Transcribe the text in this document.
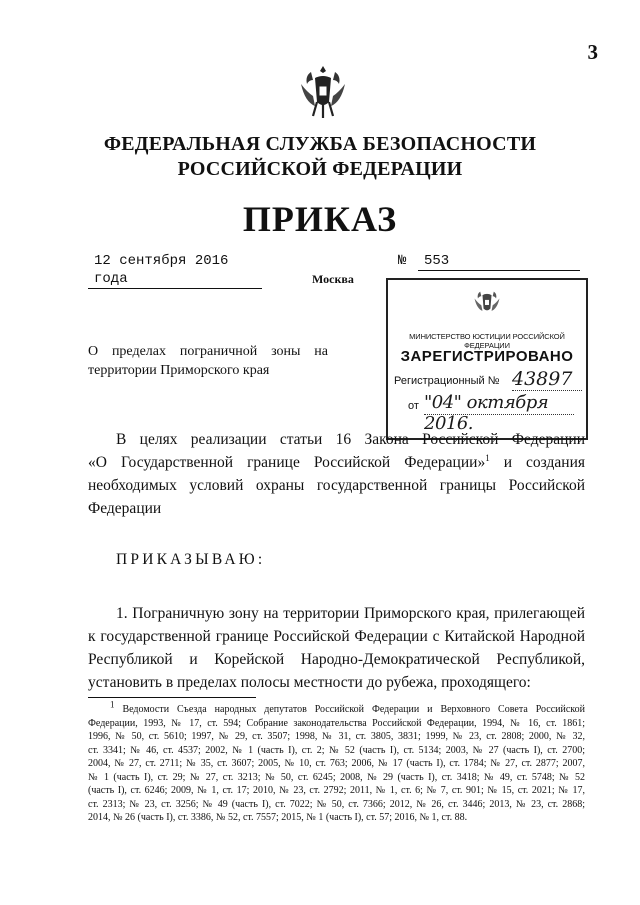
3
ФЕДЕРАЛЬНАЯ СЛУЖБА БЕЗОПАСНОСТИ
РОССИЙСКОЙ ФЕДЕРАЦИИ
ПРИКАЗ
12 сентября 2016 года
№	553
Москва
О пределах пограничной зоны на
территории Приморского края
МИНИСТЕРСТВО ЮСТИЦИИ РОССИЙСКОЙ ФЕДЕРАЦИИ
ЗАРЕГИСТРИРОВАНО
Регистрационный № 43897
от "04" октября 2016.
В целях реализации статьи 16 Закона Российской Федерации
«О Государственной границе Российской Федерации»$^1$ и создания
необходимых условий охраны государственной границы Российской
Федерации
ПРИКАЗЫВАЮ:
1. Пограничную зону на территории Приморского края, прилегающей
к государственной границе Российской Федерации с Китайской Народной
Республикой и Корейской Народно-Демократической Республикой,
установить в пределах полосы местности до рубежа, проходящего:
$^1$ Ведомости Съезда народных депутатов Российской Федерации и Верховного Совета Российской
Федерации, 1993, № 17, ст. 594; Собрание законодательства Российской Федерации, 1994, № 16, ст. 1861;
1996, № 50, ст. 5610; 1997, № 29, ст. 3507; 1998, № 31, ст. 3805, 3831; 1999, № 23, ст. 2808; 2000, № 32,
ст. 3341; № 46, ст. 4537; 2002, № 1 (часть I), ст. 2; № 52 (часть I), ст. 5134; 2003, № 27 (часть I), ст. 2700;
2004, № 27, ст. 2711; № 35, ст. 3607; 2005, № 10, ст. 763; 2006, № 17 (часть I), ст. 1784; № 27, ст. 2877; 2007,
№ 1 (часть I), ст. 29; № 27, ст. 3213; № 50, ст. 6245; 2008, № 29 (часть I), ст. 3418; № 49, ст. 5748; № 52
(часть I), ст. 6246; 2009, № 1, ст. 17; 2010, № 23, ст. 2792; 2011, № 1, ст. 6; № 7, ст. 901; № 15, ст. 2021; № 17,
ст. 2313; № 23, ст. 3256; № 49 (часть I), ст. 7022; № 50, ст. 7366; 2012, № 26, ст. 3446; 2013, № 23, ст. 2868;
2014, № 26 (часть I), ст. 3386, № 52, ст. 7557; 2015, № 1 (часть I), ст. 57; 2016, № 1, ст. 88.
